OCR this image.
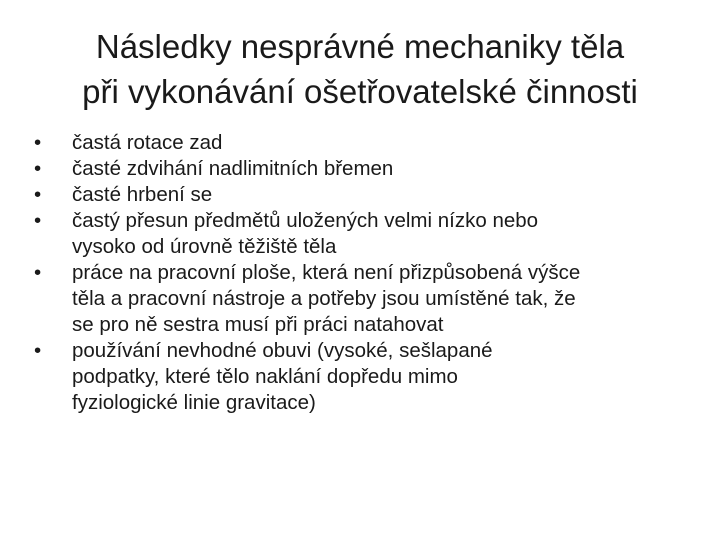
Následky nesprávné mechaniky těla
při vykonávání ošetřovatelské činnosti
•	častá rotace zad
•	časté zdvihání nadlimitních břemen
•	časté hrbení se
•	častý přesun předmětů uložených velmi nízko nebo
vysoko od úrovně těžiště těla
•	práce na pracovní ploše, která není přizpůsobená výšce
těla a pracovní nástroje a potřeby jsou umístěné tak, že
se pro ně sestra musí při práci natahovat
•	používání nevhodné obuvi (vysoké, sešlapané
podpatky, které tělo naklání dopředu mimo
fyziologické linie gravitace)
